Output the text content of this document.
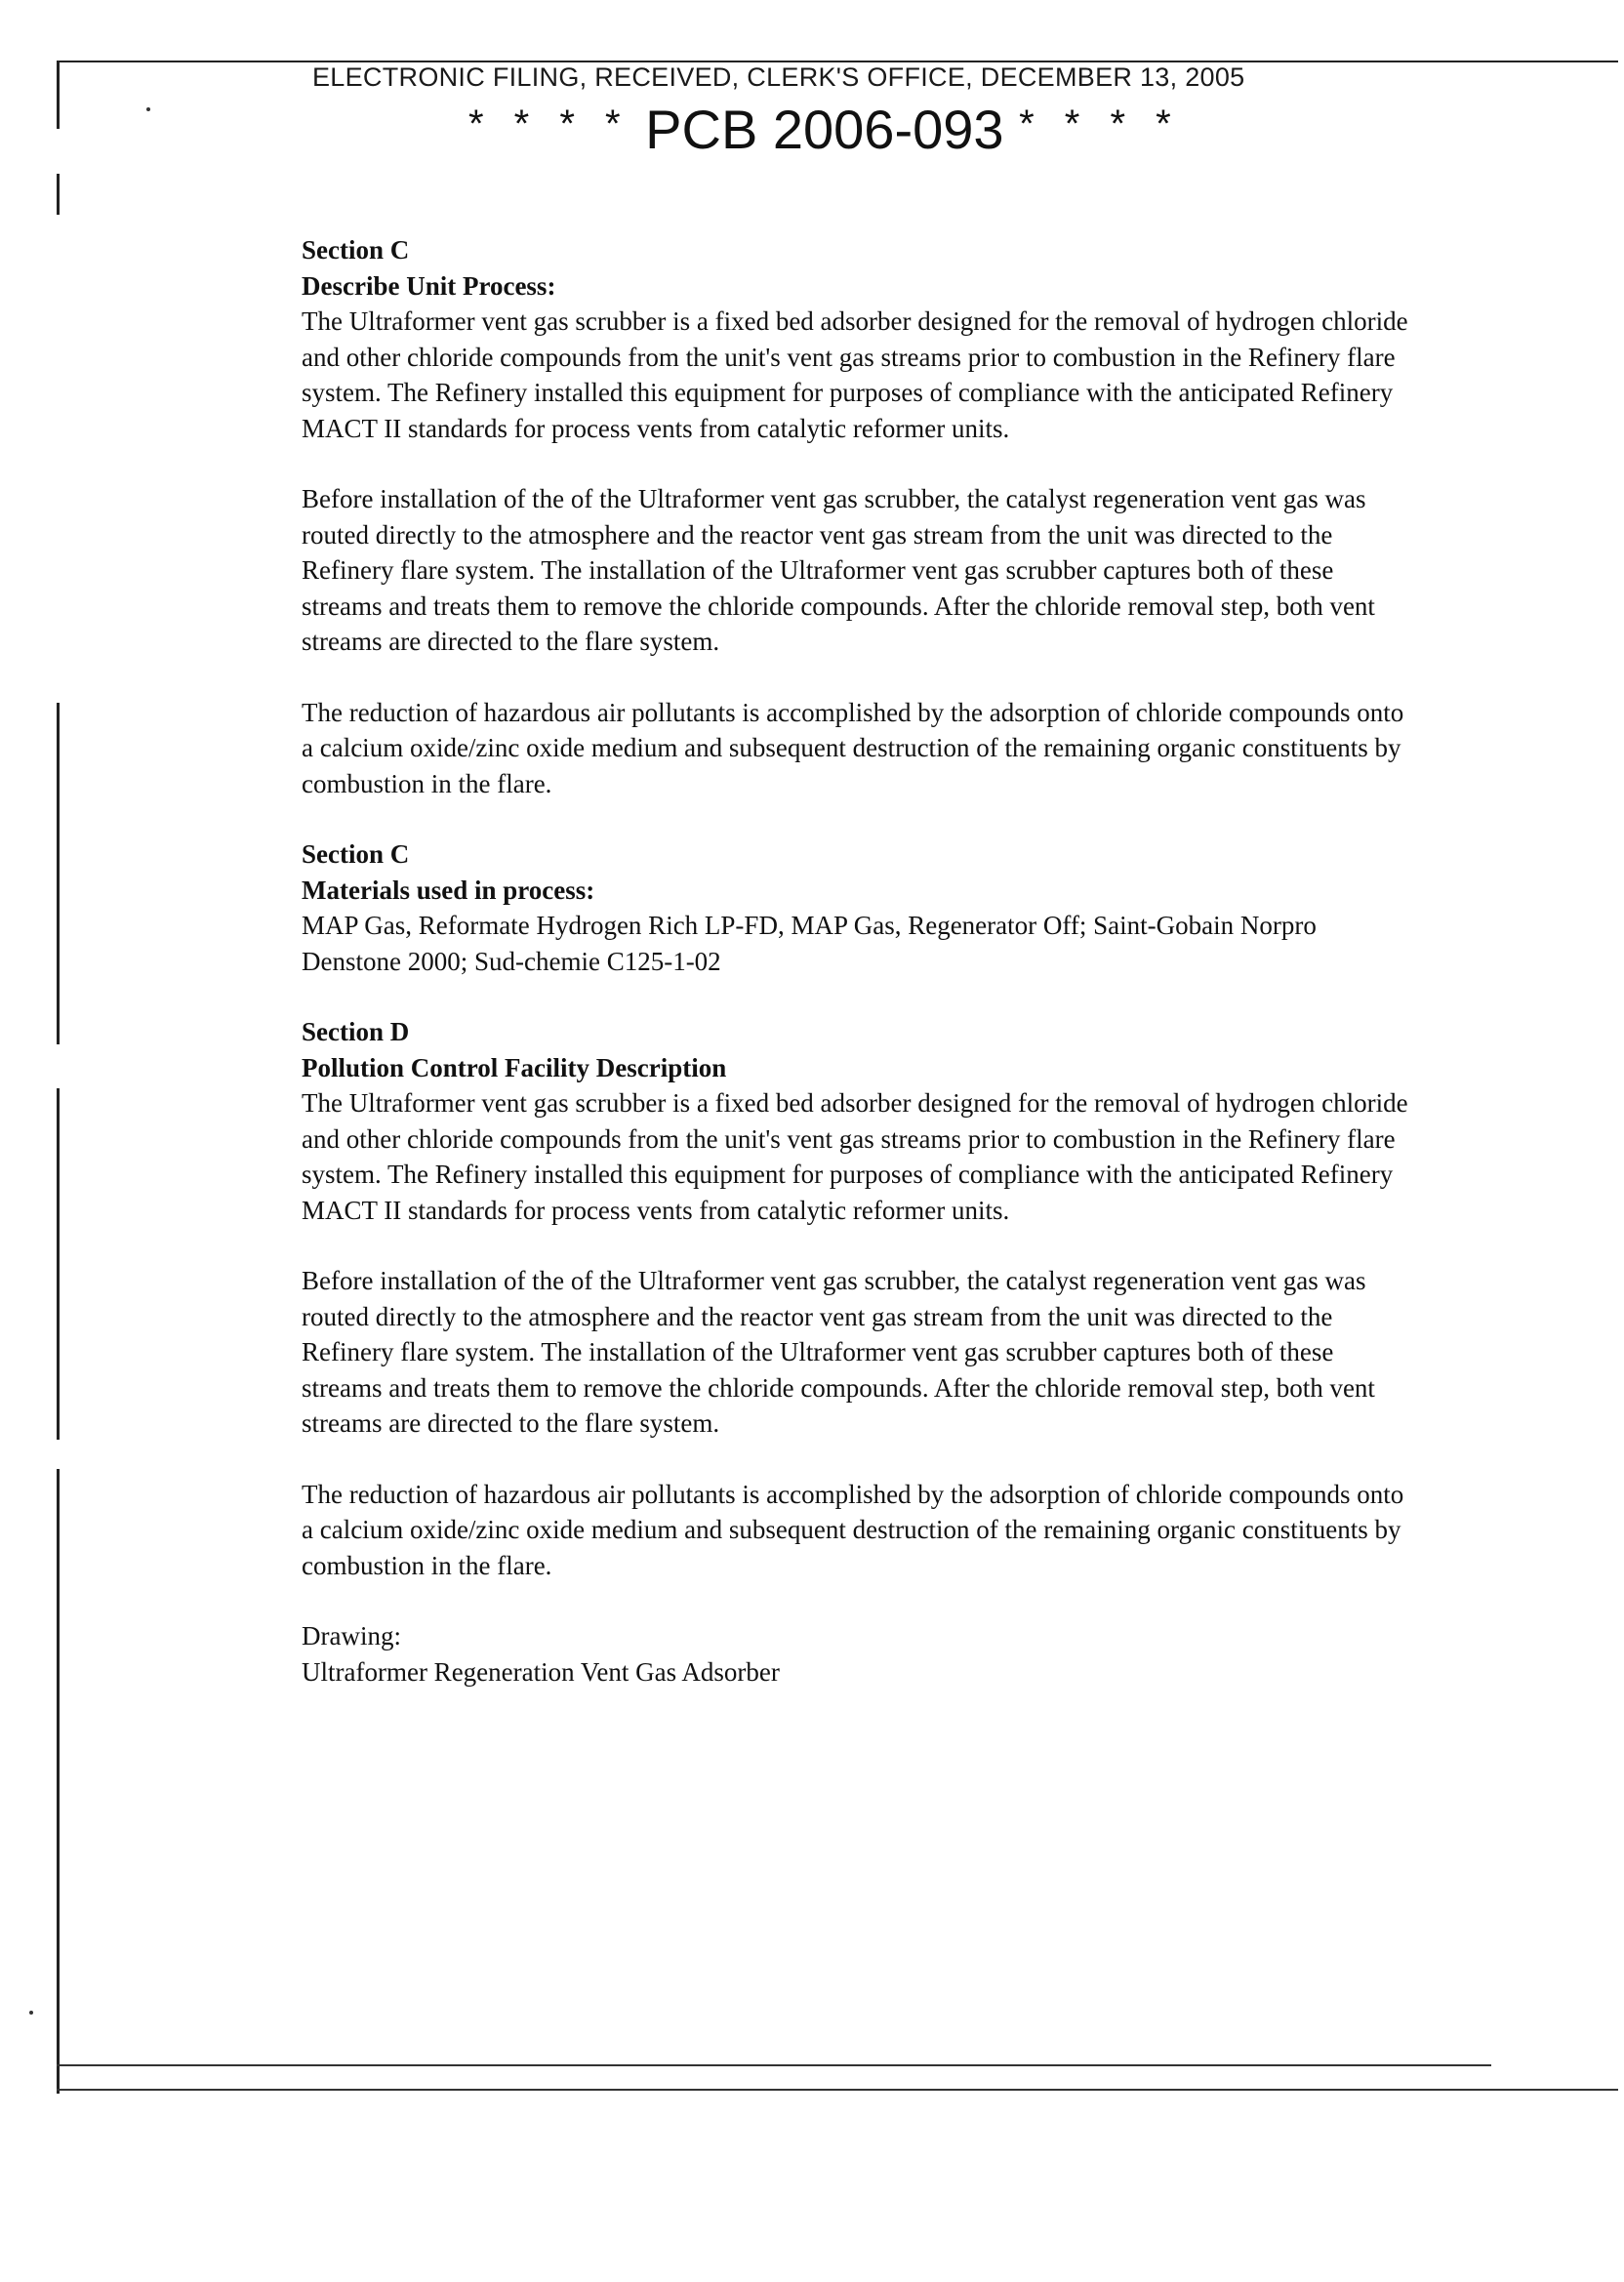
ELECTRONIC FILING, RECEIVED, CLERK'S OFFICE, DECEMBER 13, 2005
* * * * PCB 2006-093 * * * *
Section C
Describe Unit Process:

The Ultraformer vent gas scrubber is a fixed bed adsorber designed for the removal of hydrogen chloride and other chloride compounds from the unit's vent gas streams prior to combustion in the Refinery flare system. The Refinery installed this equipment for purposes of compliance with the anticipated Refinery MACT II standards for process vents from catalytic reformer units.

Before installation of the of the Ultraformer vent gas scrubber, the catalyst regeneration vent gas was routed directly to the atmosphere and the reactor vent gas stream from the unit was directed to the Refinery flare system. The installation of the Ultraformer vent gas scrubber captures both of these streams and treats them to remove the chloride compounds. After the chloride removal step, both vent streams are directed to the flare system.

The reduction of hazardous air pollutants is accomplished by the adsorption of chloride compounds onto a calcium oxide/zinc oxide medium and subsequent destruction of the remaining organic constituents by combustion in the flare.

Section C
Materials used in process:

MAP Gas, Reformate Hydrogen Rich LP-FD, MAP Gas, Regenerator Off; Saint-Gobain Norpro Denstone 2000; Sud-chemie C125-1-02

Section D
Pollution Control Facility Description

The Ultraformer vent gas scrubber is a fixed bed adsorber designed for the removal of hydrogen chloride and other chloride compounds from the unit's vent gas streams prior to combustion in the Refinery flare system. The Refinery installed this equipment for purposes of compliance with the anticipated Refinery MACT II standards for process vents from catalytic reformer units.

Before installation of the of the Ultraformer vent gas scrubber, the catalyst regeneration vent gas was routed directly to the atmosphere and the reactor vent gas stream from the unit was directed to the Refinery flare system. The installation of the Ultraformer vent gas scrubber captures both of these streams and treats them to remove the chloride compounds. After the chloride removal step, both vent streams are directed to the flare system.

The reduction of hazardous air pollutants is accomplished by the adsorption of chloride compounds onto a calcium oxide/zinc oxide medium and subsequent destruction of the remaining organic constituents by combustion in the flare.

Drawing:
Ultraformer Regeneration Vent Gas Adsorber
